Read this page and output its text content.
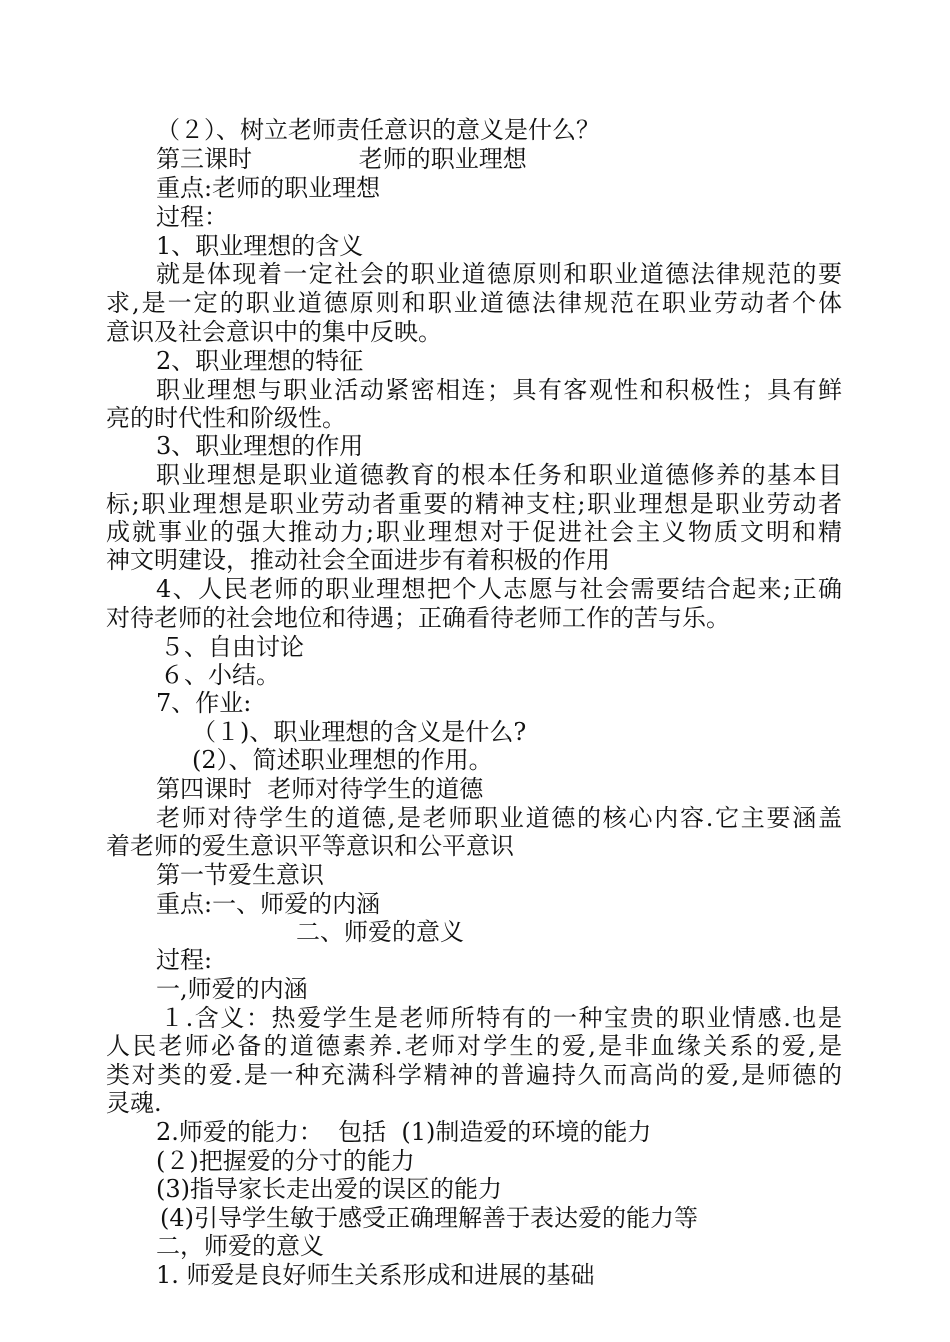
（２）、树立老师责任意识的意义是什么？
第三课时              老师的职业理想
重点:老师的职业理想
过程：
1、职业理想的含义
就是体现着一定社会的职业道德原则和职业道德法律规范的要
求,是一定的职业道德原则和职业道德法律规范在职业劳动者个体
意识及社会意识中的集中反映。
2、职业理想的特征
职业理想与职业活动紧密相连；具有客观性和积极性；具有鲜
亮的时代性和阶级性。
3、职业理想的作用
职业理想是职业道德教育的根本任务和职业道德修养的基本目
标;职业理想是职业劳动者重要的精神支柱;职业理想是职业劳动者
成就事业的强大推动力;职业理想对于促进社会主义物质文明和精
神文明建设，推动社会全面进步有着积极的作用
4、人民老师的职业理想把个人志愿与社会需要结合起来;正确
对待老师的社会地位和待遇；正确看待老师工作的苦与乐。
５、自由讨论
６、小结。
7、作业:
（１)、职业理想的含义是什么?
(2）、简述职业理想的作用。
第四课时  老师对待学生的道德
老师对待学生的道德,是老师职业道德的核心内容.它主要涵盖
着老师的爱生意识平等意识和公平意识
第一节爱生意识
重点:一、师爱的内涵
二、师爱的意义
过程:
一,师爱的内涵
１.含义：热爱学生是老师所特有的一种宝贵的职业情感.也是
人民老师必备的道德素养.老师对学生的爱,是非血缘关系的爱,是
类对类的爱.是一种充满科学精神的普遍持久而高尚的爱,是师德的
灵魂.
2.师爱的能力：  包括  (1)制造爱的环境的能力
(２)把握爱的分寸的能力
(3)指导家长走出爱的误区的能力
(4)引导学生敏于感受正确理解善于表达爱的能力等
二，师爱的意义
1. 师爱是良好师生关系形成和进展的基础
